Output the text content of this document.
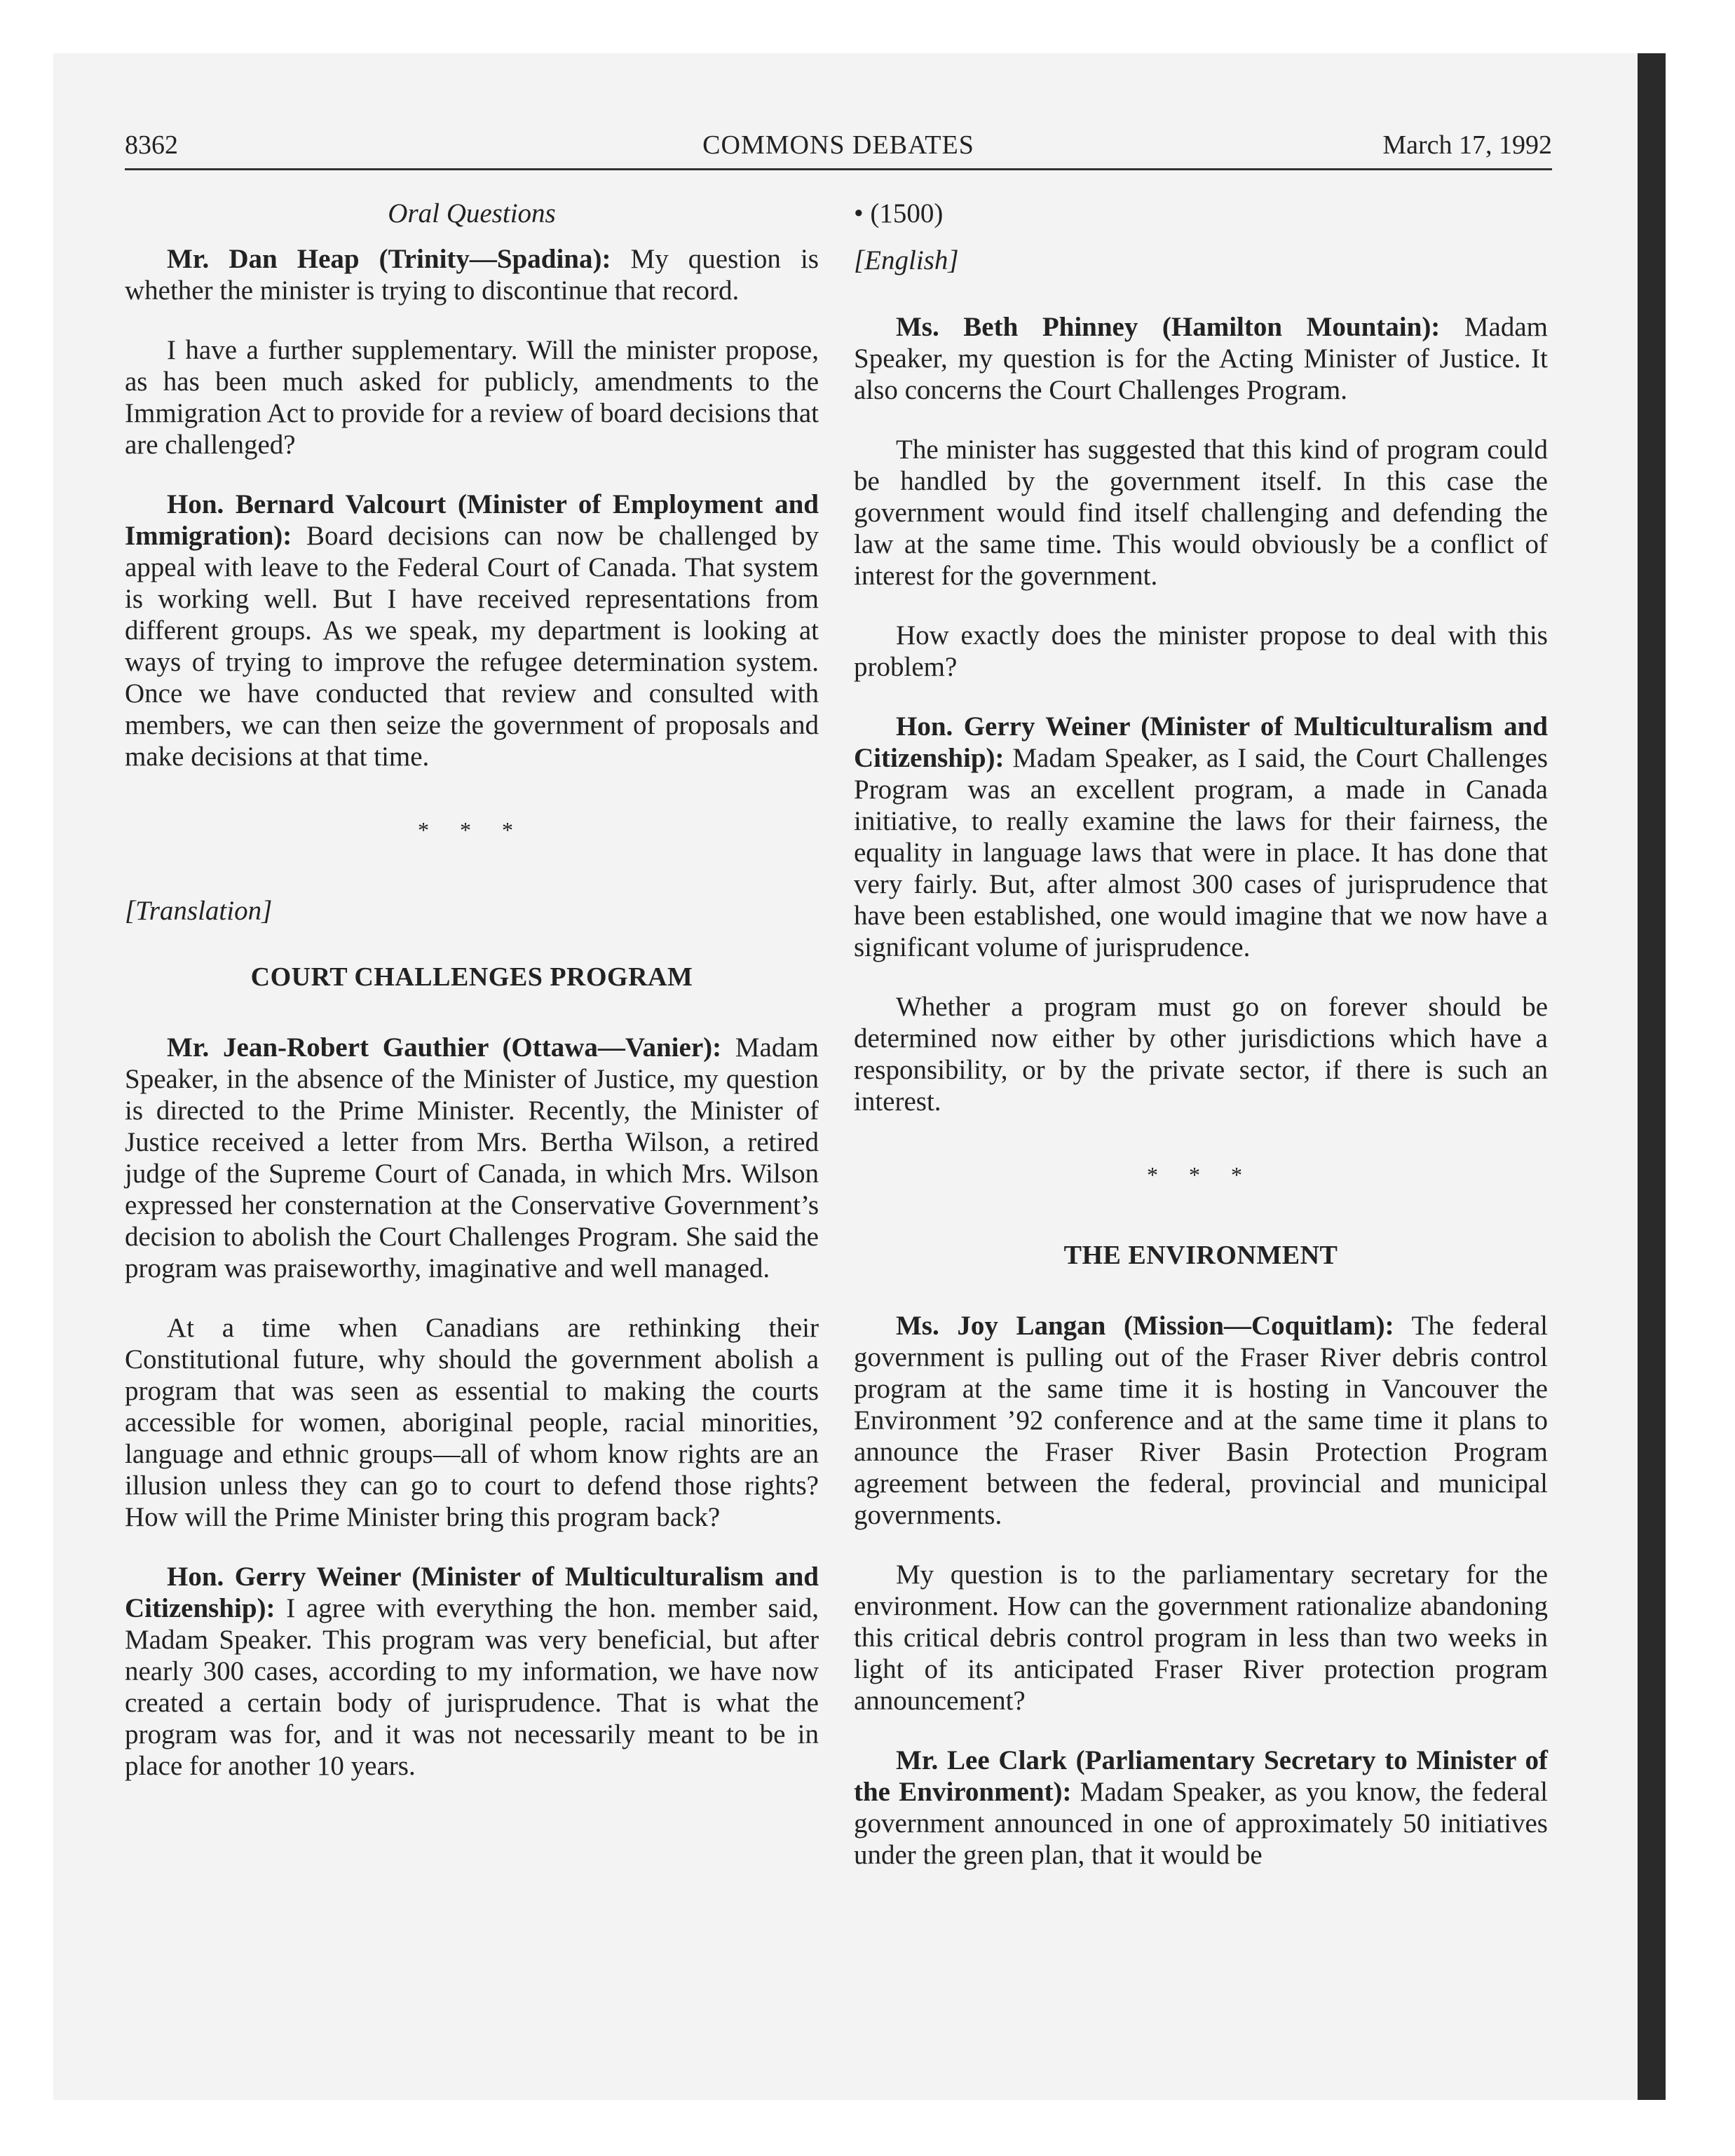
8362	COMMONS DEBATES	March 17, 1992
Oral Questions

Mr. Dan Heap (Trinity—Spadina): My question is whether the minister is trying to discontinue that record.

I have a further supplementary. Will the minister propose, as has been much asked for publicly, amendments to the Immigration Act to provide for a review of board decisions that are challenged?

Hon. Bernard Valcourt (Minister of Employment and Immigration): Board decisions can now be challenged by appeal with leave to the Federal Court of Canada. That system is working well. But I have received representations from different groups. As we speak, my department is looking at ways of trying to improve the refugee determination system. Once we have conducted that review and consulted with members, we can then seize the government of proposals and make decisions at that time.

* * *
[Translation]
COURT CHALLENGES PROGRAM

Mr. Jean-Robert Gauthier (Ottawa—Vanier): Madam Speaker, in the absence of the Minister of Justice, my question is directed to the Prime Minister. Recently, the Minister of Justice received a letter from Mrs. Bertha Wilson, a retired judge of the Supreme Court of Canada, in which Mrs. Wilson expressed her consternation at the Conservative Government’s decision to abolish the Court Challenges Program. She said the program was praiseworthy, imaginative and well managed.

At a time when Canadians are rethinking their Constitutional future, why should the government abolish a program that was seen as essential to making the courts accessible for women, aboriginal people, racial minorities, language and ethnic groups—all of whom know rights are an illusion unless they can go to court to defend those rights? How will the Prime Minister bring this program back?

Hon. Gerry Weiner (Minister of Multiculturalism and Citizenship): I agree with everything the hon. member said, Madam Speaker. This program was very beneficial, but after nearly 300 cases, according to my information, we have now created a certain body of jurisprudence. That is what the program was for, and it was not necessarily meant to be in place for another 10 years.

• (1500)
[English]

Ms. Beth Phinney (Hamilton Mountain): Madam Speaker, my question is for the Acting Minister of Justice. It also concerns the Court Challenges Program.

The minister has suggested that this kind of program could be handled by the government itself. In this case the government would find itself challenging and defending the law at the same time. This would obviously be a conflict of interest for the government.

How exactly does the minister propose to deal with this problem?

Hon. Gerry Weiner (Minister of Multiculturalism and Citizenship): Madam Speaker, as I said, the Court Challenges Program was an excellent program, a made in Canada initiative, to really examine the laws for their fairness, the equality in language laws that were in place. It has done that very fairly. But, after almost 300 cases of jurisprudence that have been established, one would imagine that we now have a significant volume of jurisprudence.

Whether a program must go on forever should be determined now either by other jurisdictions which have a responsibility, or by the private sector, if there is such an interest.

* * *
THE ENVIRONMENT

Ms. Joy Langan (Mission—Coquitlam): The federal government is pulling out of the Fraser River debris control program at the same time it is hosting in Vancouver the Environment ’92 conference and at the same time it plans to announce the Fraser River Basin Protection Program agreement between the federal, provincial and municipal governments.

My question is to the parliamentary secretary for the environment. How can the government rationalize abandoning this critical debris control program in less than two weeks in light of its anticipated Fraser River protection program announcement?

Mr. Lee Clark (Parliamentary Secretary to Minister of the Environment): Madam Speaker, as you know, the federal government announced in one of approximately 50 initiatives under the green plan, that it would be
